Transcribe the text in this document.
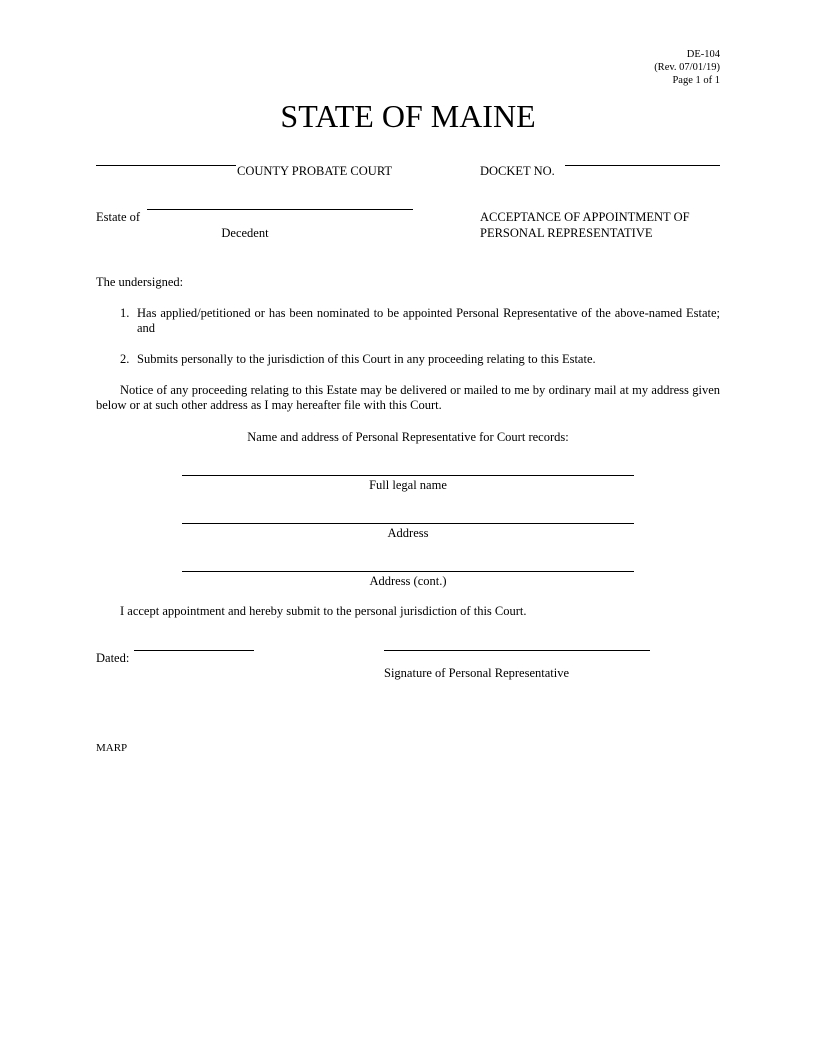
DE-104
(Rev. 07/01/19)
Page 1 of 1
STATE OF MAINE
COUNTY PROBATE COURT	DOCKET NO.
Estate of
Decedent
ACCEPTANCE OF APPOINTMENT OF
PERSONAL REPRESENTATIVE
The undersigned:
1. Has applied/petitioned or has been nominated to be appointed Personal Representative of the above-named Estate; and
2. Submits personally to the jurisdiction of this Court in any proceeding relating to this Estate.
Notice of any proceeding relating to this Estate may be delivered or mailed to me by ordinary mail at my address given below or at such other address as I may hereafter file with this Court.
Name and address of Personal Representative for Court records:
Full legal name
Address
Address (cont.)
I accept appointment and hereby submit to the personal jurisdiction of this Court.
Dated:
Signature of Personal Representative
MARP
